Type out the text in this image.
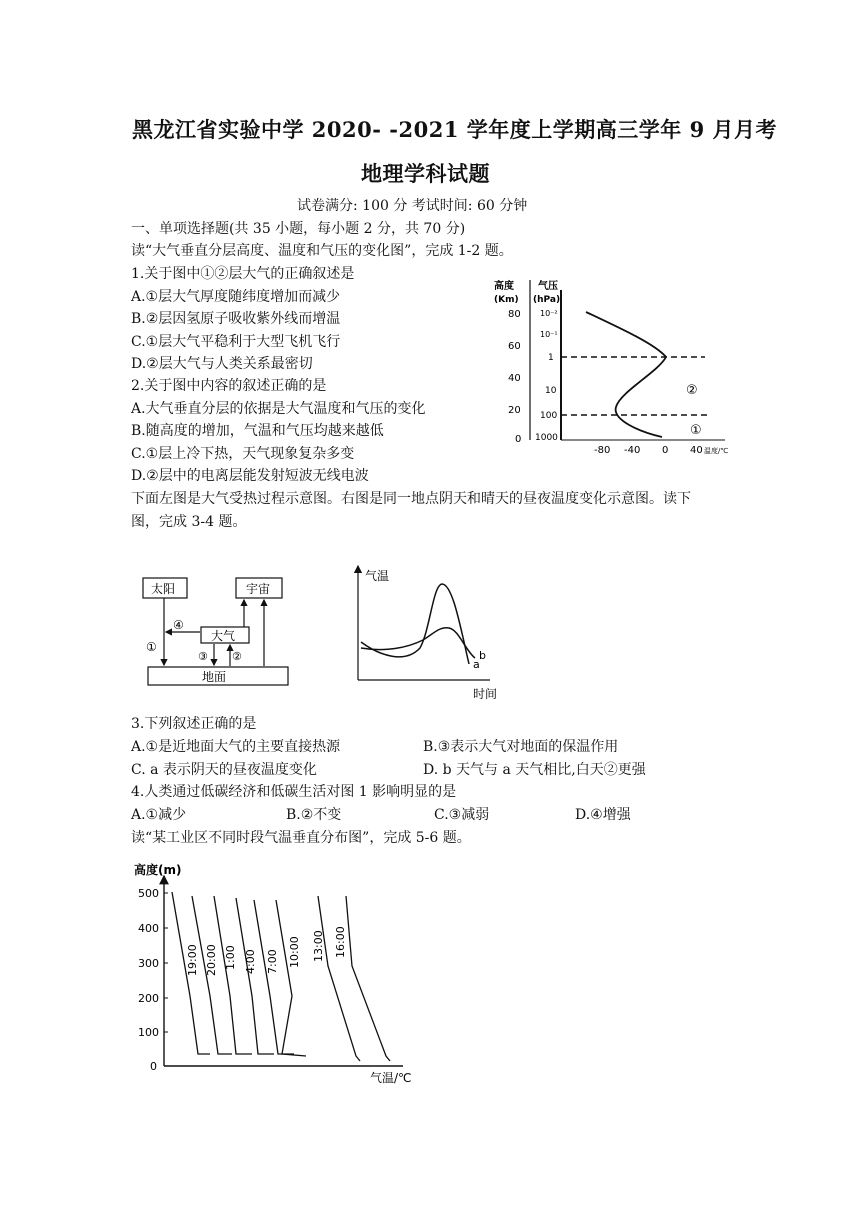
黑龙江省实验中学 2020- -2021 学年度上学期高三学年 9 月月考
地理学科试题
试卷满分: 100 分 考试时间: 60 分钟
一、单项选择题(共 35 小题，每小题 2 分，共 70 分)
读“大气垂直分层高度、温度和气压的变化图”，完成 1-2 题。
1.关于图中①②层大气的正确叙述是
A.①层大气厚度随纬度增加而减少
B.②层因氢原子吸收紫外线而增温
C.①层大气平稳利于大型飞机飞行
D.②层大气与人类关系最密切
2.关于图中内容的叙述正确的是
A.大气垂直分层的依据是大气温度和气压的变化
B.随高度的增加，气温和气压均越来越低
C.①层上冷下热，天气现象复杂多变
D.②层中的电离层能发射短波无线电波
下面左图是大气受热过程示意图。右图是同一地点阴天和晴天的昼夜温度变化示意图。读下
图，完成 3-4 题。
高度
(Km)
气压
(hPa)
80
60
40
20
0
10⁻²
10⁻¹
1
10
100
1000
②
①
-80 -40 0 40 温度/℃
太阳	宇宙
大气
地面
①
④
③ ②
气温
时间
b
a
3.下列叙述正确的是
A.①是近地面大气的主要直接热源	B.③表示大气对地面的保温作用
C. a 表示阴天的昼夜温度变化	D. b 天气与 a 天气相比,白天②更强
4.人类通过低碳经济和低碳生活对图 1 影响明显的是
A.①减少	B.②不变	C.③减弱	D.④增强
读“某工业区不同时段气温垂直分布图”，完成 5-6 题。
高度(m)
气温/℃
500
400
300
200
100
0
19:00 20:00 1:00 4:00 7:00 10:00 13:00 16:00
